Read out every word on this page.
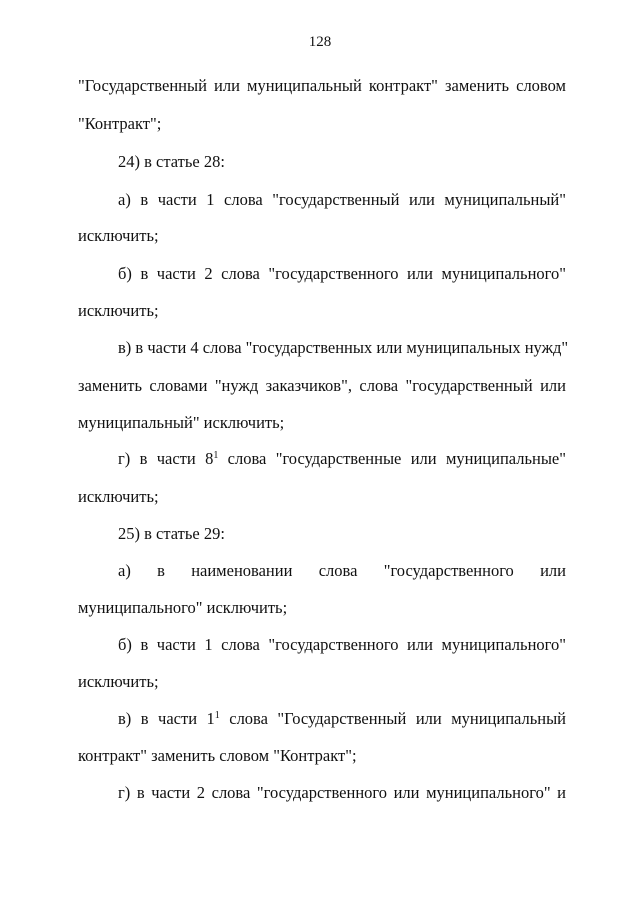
128
"Государственный или муниципальный контракт" заменить словом
"Контракт";
24) в статье 28:
а) в части 1 слова "государственный или муниципальный"
исключить;
б) в части 2 слова "государственного или муниципального"
исключить;
в) в части 4 слова "государственных или муниципальных нужд"
заменить словами "нужд заказчиков", слова "государственный или
муниципальный" исключить;
г) в части $8^1$ слова "государственные или муниципальные"
исключить;
25) в статье 29:
а) в наименовании слова "государственного или
муниципального" исключить;
б) в части 1 слова "государственного или муниципального"
исключить;
в) в части $1^1$ слова "Государственный или муниципальный
контракт" заменить словом "Контракт";
г) в части 2 слова "государственного или муниципального" и
